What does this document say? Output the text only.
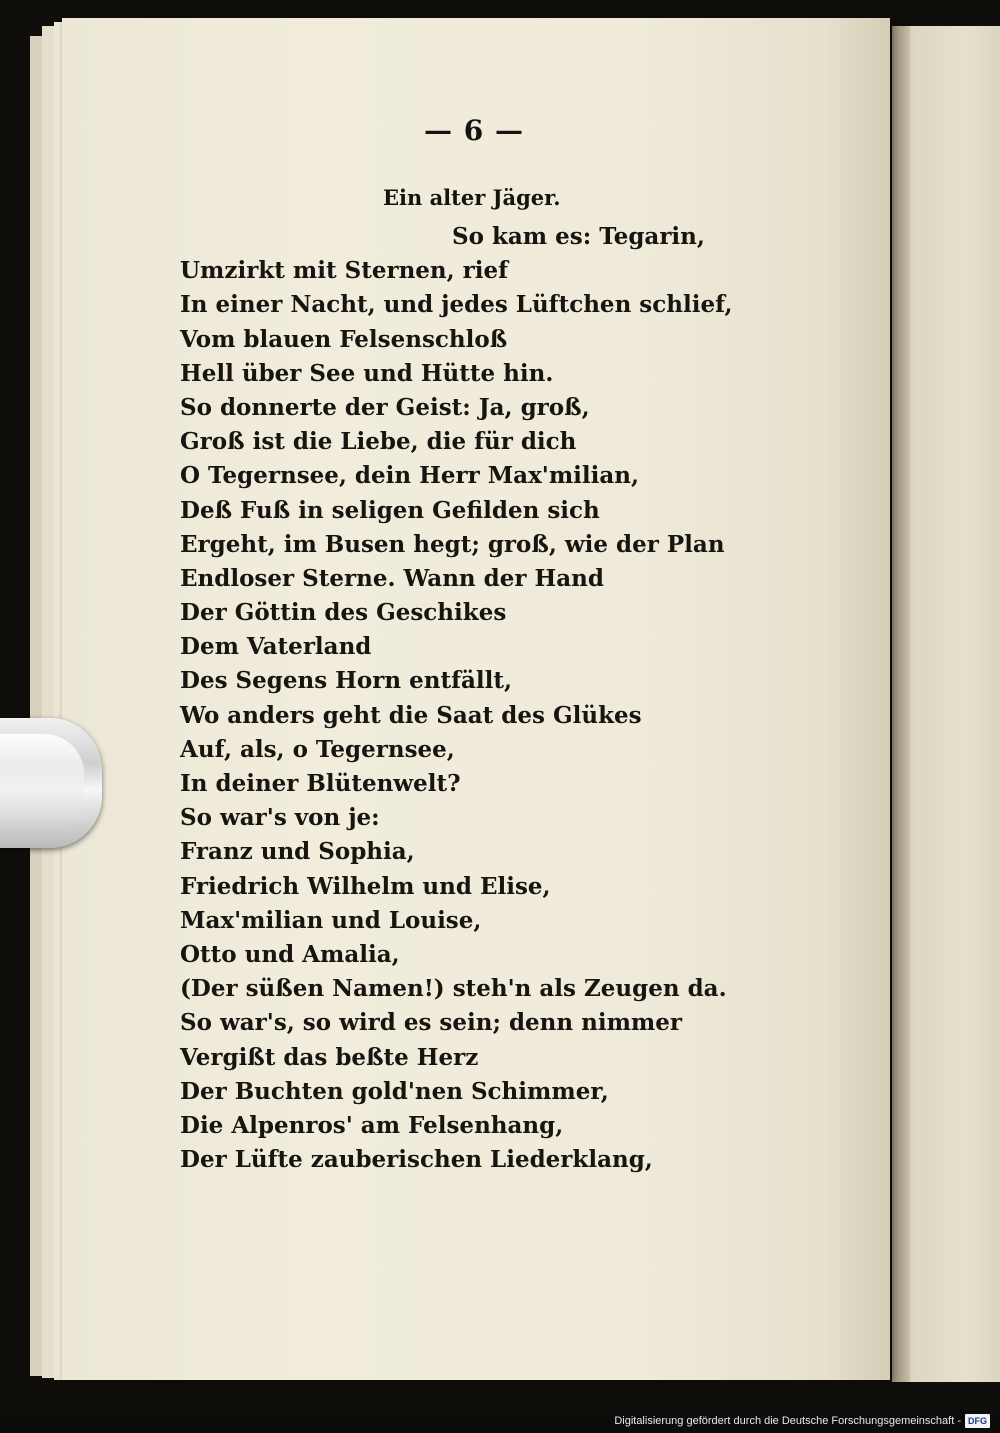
— 6 —
Ein alter Jäger.
So kam es: Tegarin,
Umzirkt mit Sternen, rief
In einer Nacht, und jedes Lüftchen schlief,
Vom blauen Felsenschloß
Hell über See und Hütte hin.
So donnerte der Geist: Ja, groß,
Groß ist die Liebe, die für dich
O Tegernsee, dein Herr Max'milian,
Deß Fuß in seligen Gefilden sich
Ergeht, im Busen hegt; groß, wie der Plan
Endloser Sterne. Wann der Hand
Der Göttin des Geschikes
Dem Vaterland
Des Segens Horn entfällt,
Wo anders geht die Saat des Glükes
Auf, als, o Tegernsee,
In deiner Blütenwelt?
So war's von je:
Franz und Sophia,
Friedrich Wilhelm und Elise,
Max'milian und Louise,
Otto und Amalia,
(Der süßen Namen!) steh'n als Zeugen da.
So war's, so wird es sein; denn nimmer
Vergißt das beßte Herz
Der Buchten gold'nen Schimmer,
Die Alpenros' am Felsenhang,
Der Lüfte zauberischen Liederklang,
Digitalisierung gefördert durch die Deutsche Forschungsgemeinschaft - DFG
